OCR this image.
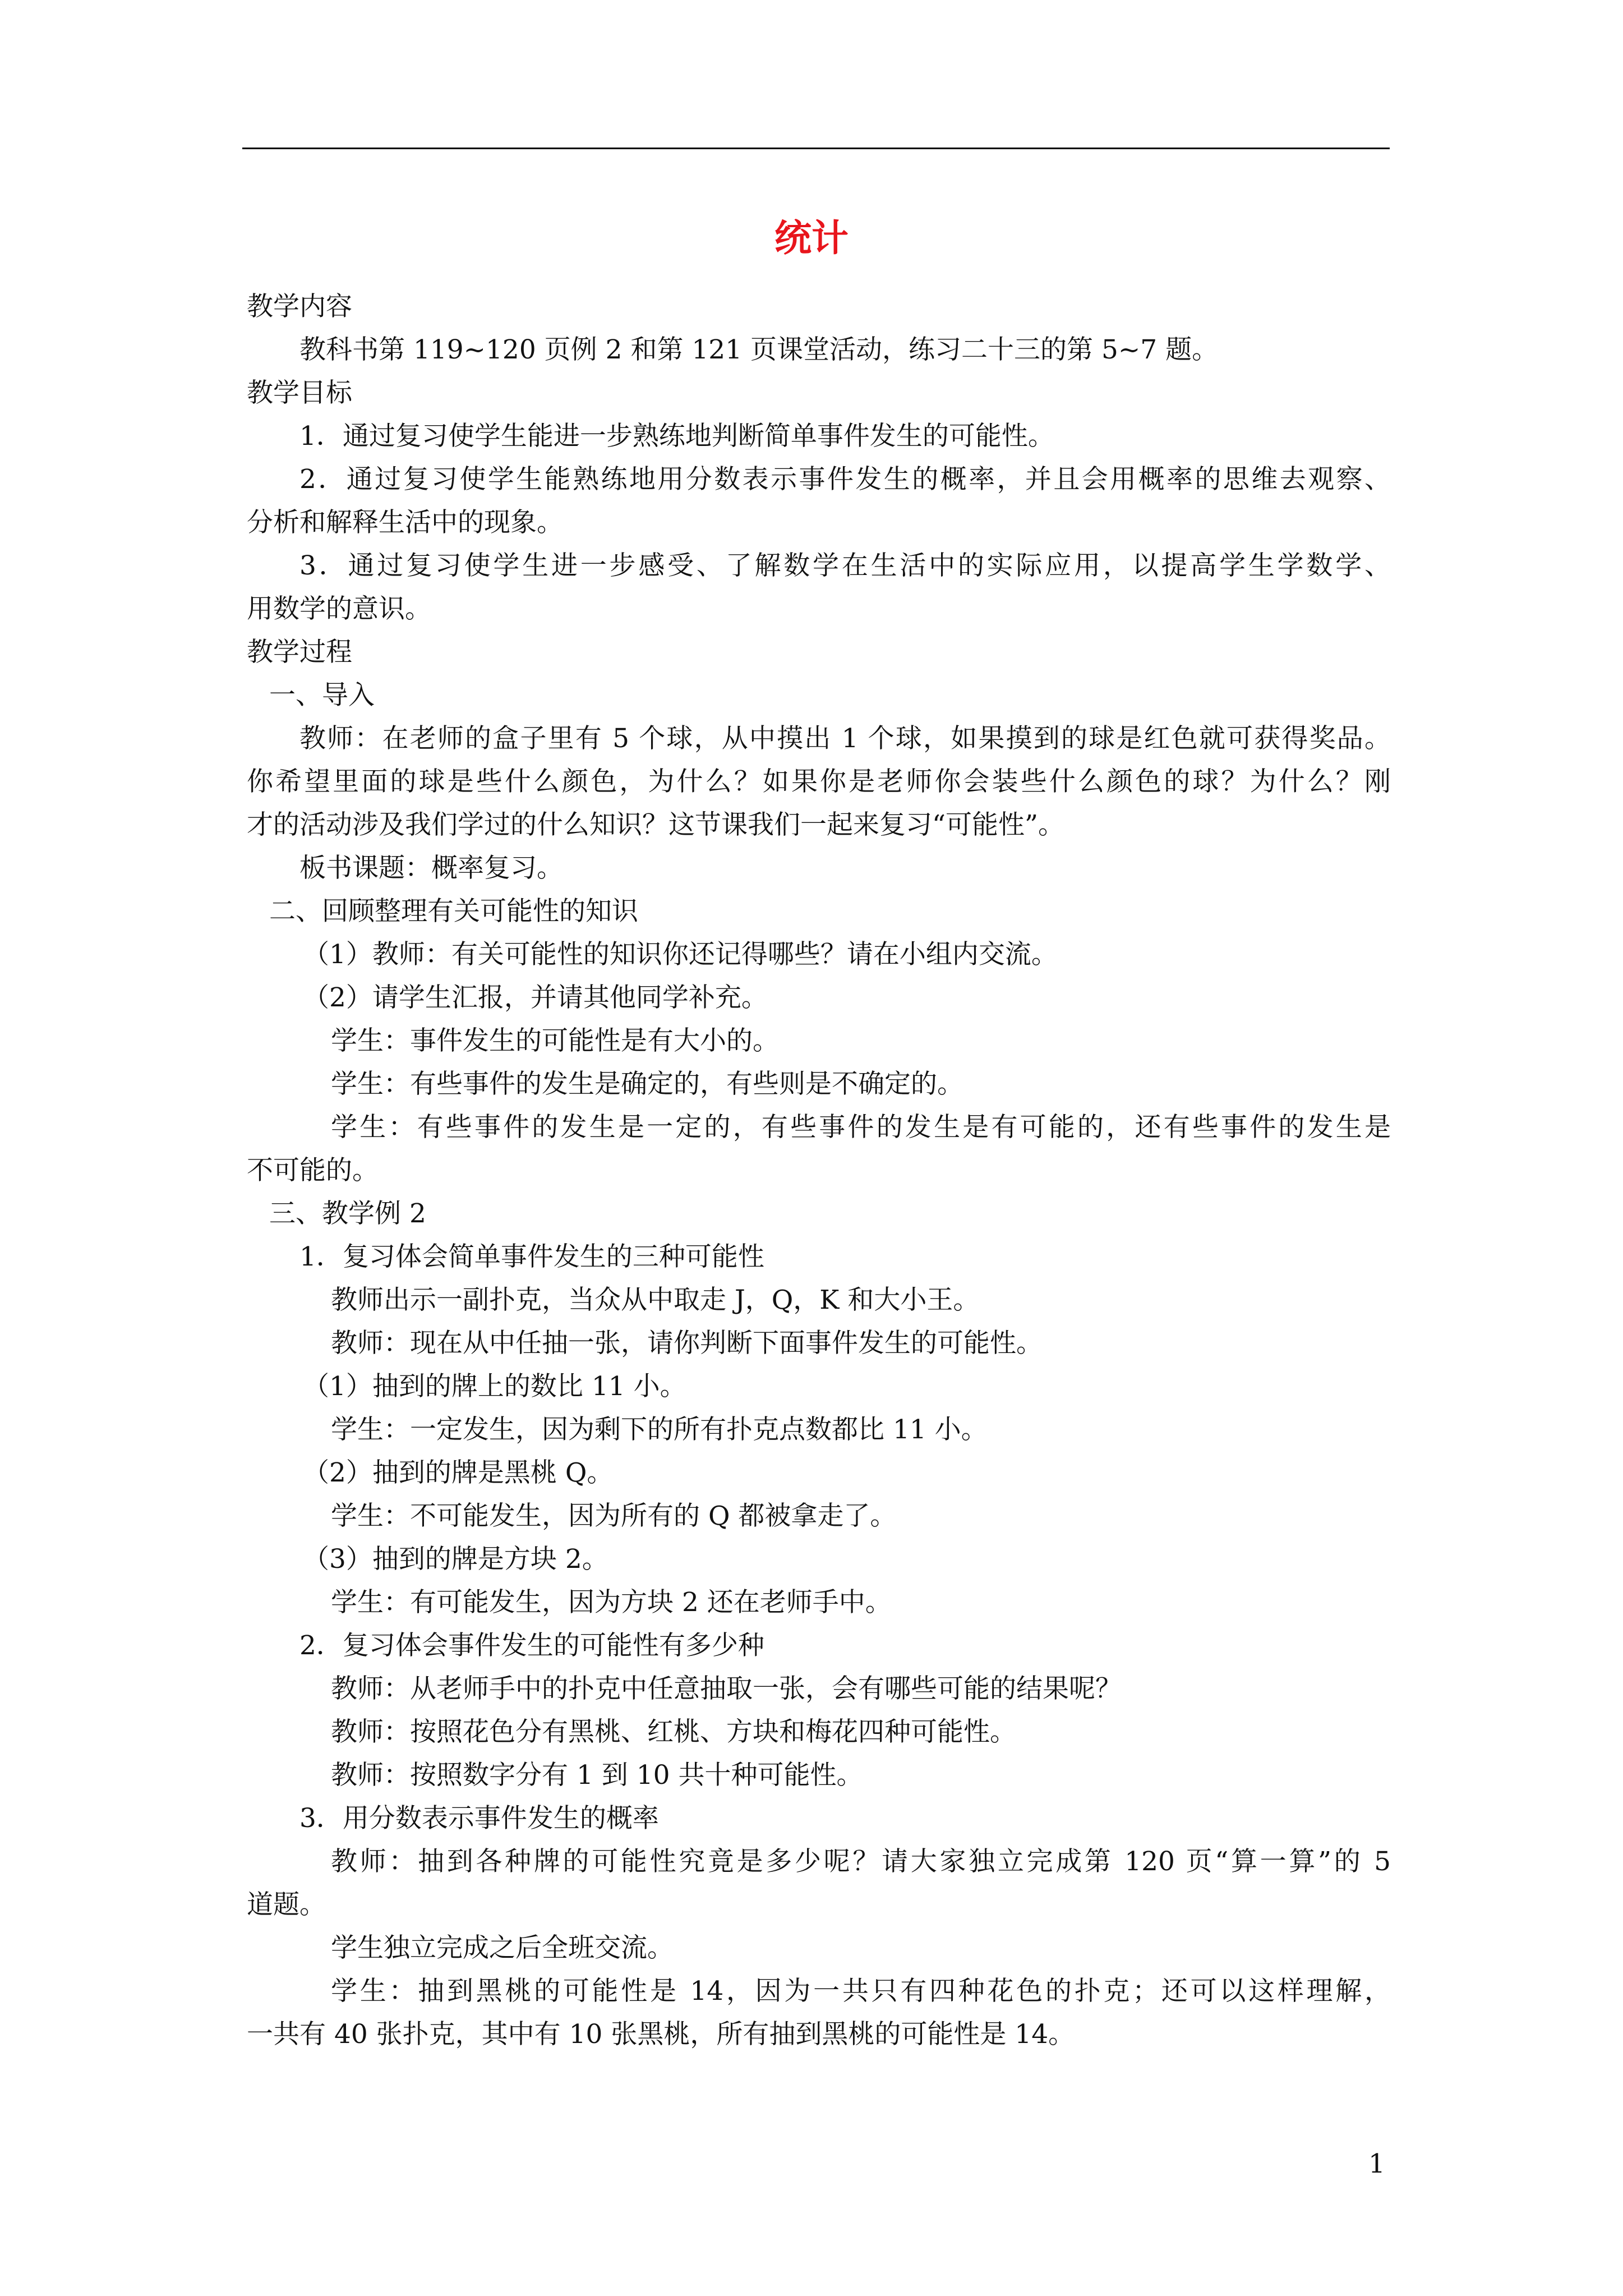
统计
教学内容
教科书第 119~120 页例 2 和第 121 页课堂活动，练习二十三的第 5~7 题。
教学目标
1．通过复习使学生能进一步熟练地判断简单事件发生的可能性。
2．通过复习使学生能熟练地用分数表示事件发生的概率，并且会用概率的思维去观察、
分析和解释生活中的现象。
3．通过复习使学生进一步感受、了解数学在生活中的实际应用，以提高学生学数学、
用数学的意识。
教学过程
一、导入
教师：在老师的盒子里有 5 个球，从中摸出 1 个球，如果摸到的球是红色就可获得奖品。
你希望里面的球是些什么颜色，为什么？如果你是老师你会装些什么颜色的球？为什么？刚
才的活动涉及我们学过的什么知识？这节课我们一起来复习“可能性”。
板书课题：概率复习。
二、回顾整理有关可能性的知识
（1）教师：有关可能性的知识你还记得哪些？请在小组内交流。
（2）请学生汇报，并请其他同学补充。
学生：事件发生的可能性是有大小的。
学生：有些事件的发生是确定的，有些则是不确定的。
学生：有些事件的发生是一定的，有些事件的发生是有可能的，还有些事件的发生是
不可能的。
三、教学例 2
1．复习体会简单事件发生的三种可能性
教师出示一副扑克，当众从中取走 J，Q，K 和大小王。
教师：现在从中任抽一张，请你判断下面事件发生的可能性。
（1）抽到的牌上的数比 11 小。
学生：一定发生，因为剩下的所有扑克点数都比 11 小。
（2）抽到的牌是黑桃 Q。
学生：不可能发生，因为所有的 Q 都被拿走了。
（3）抽到的牌是方块 2。
学生：有可能发生，因为方块 2 还在老师手中。
2．复习体会事件发生的可能性有多少种
教师：从老师手中的扑克中任意抽取一张，会有哪些可能的结果呢？
教师：按照花色分有黑桃、红桃、方块和梅花四种可能性。
教师：按照数字分有 1 到 10 共十种可能性。
3．用分数表示事件发生的概率
教师：抽到各种牌的可能性究竟是多少呢？请大家独立完成第 120 页“算一算”的 5
道题。
学生独立完成之后全班交流。
学生：抽到黑桃的可能性是 14，因为一共只有四种花色的扑克；还可以这样理解，
一共有 40 张扑克，其中有 10 张黑桃，所有抽到黑桃的可能性是 14。
1
